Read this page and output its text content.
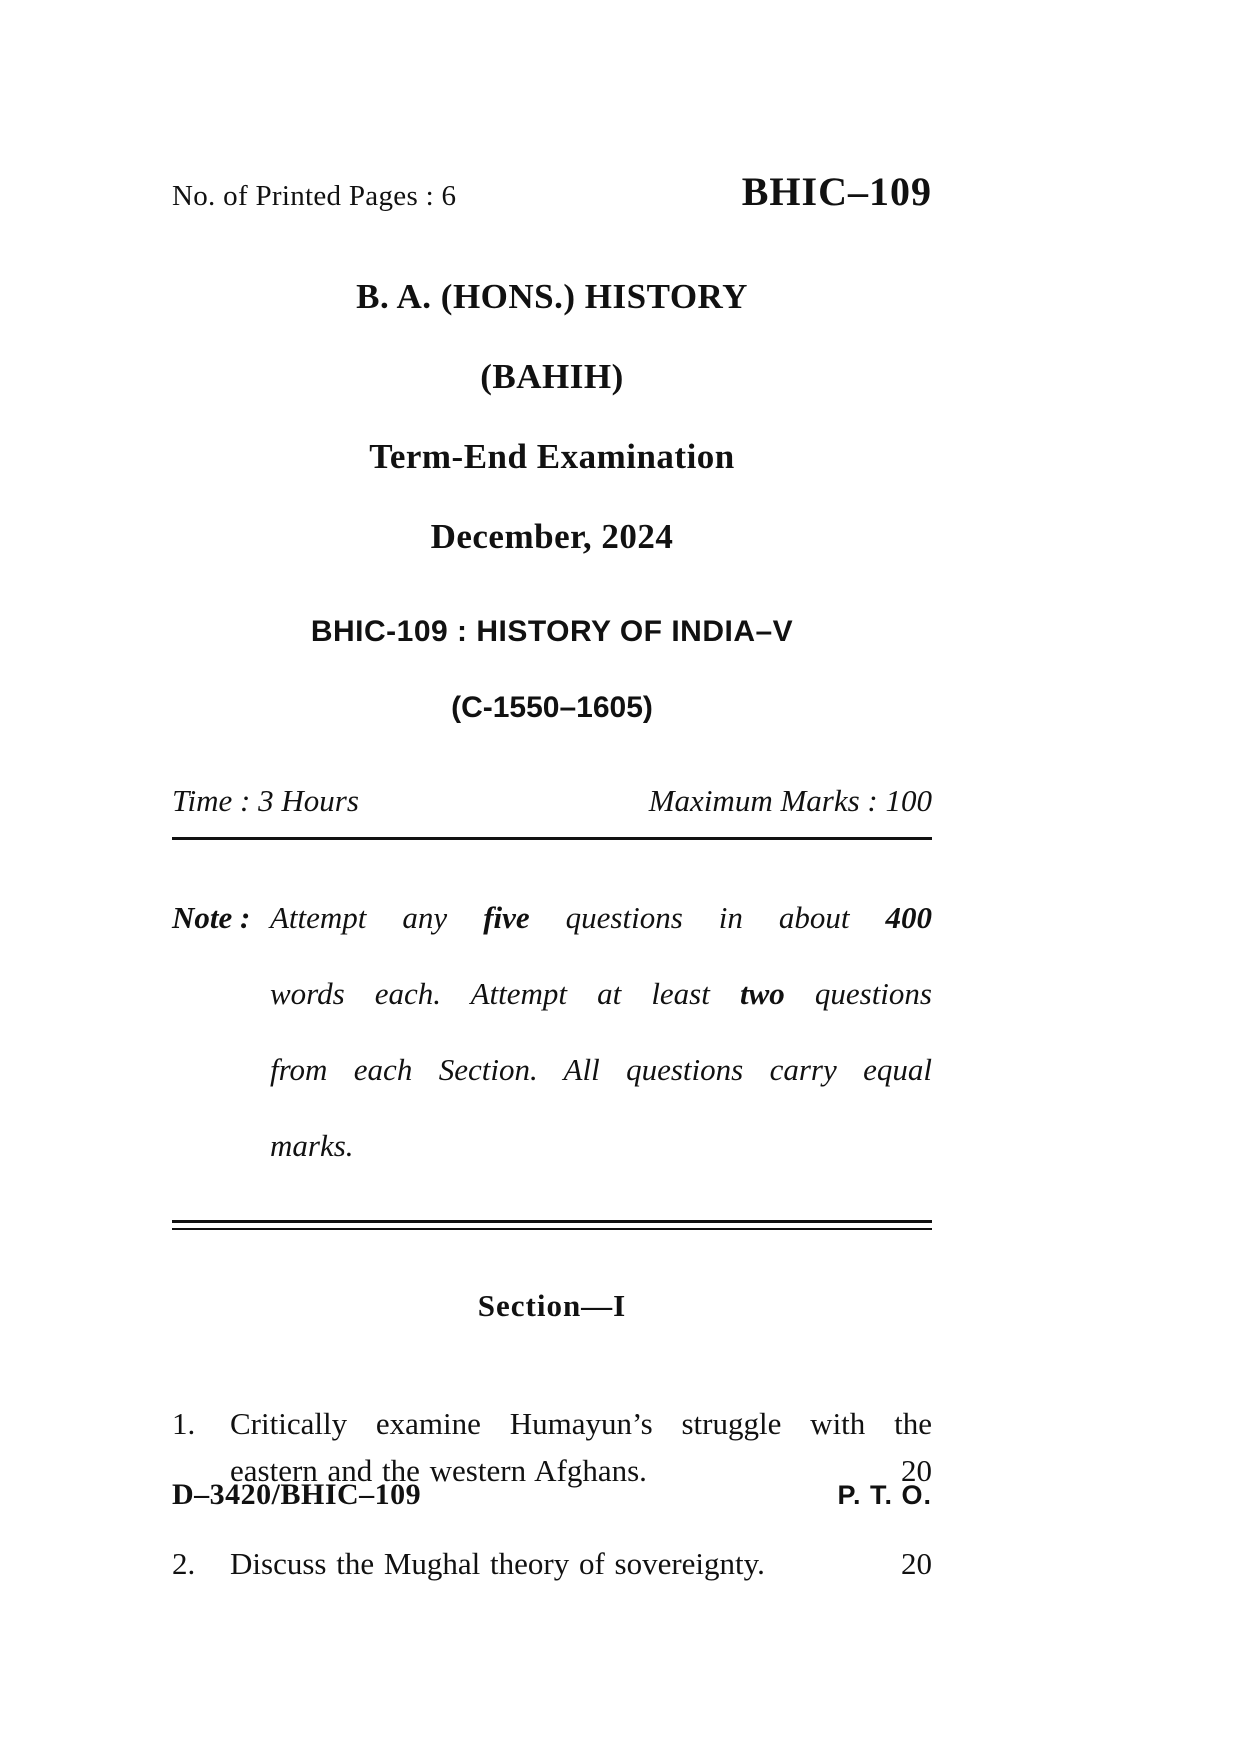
No. of Printed Pages : 6	BHIC–109

B. A. (HONS.) HISTORY

(BAHIH)

Term-End Examination

December, 2024

BHIC-109 : HISTORY OF INDIA–V

(C-1550–1605)

Time : 3 Hours	Maximum Marks : 100
Note : Attempt any five questions in about 400 words each. Attempt at least two questions from each Section. All questions carry equal marks.
Section—I
1.	Critically examine Humayun’s struggle with the eastern and the western Afghans.	20
2.	Discuss the Mughal theory of sovereignty.	20
D–3420/BHIC–109	P. T. O.
